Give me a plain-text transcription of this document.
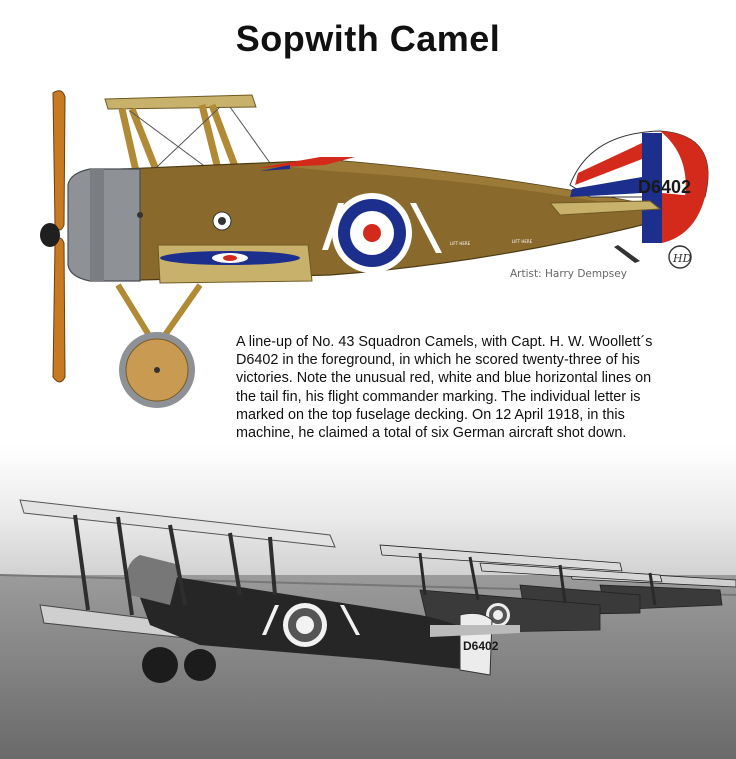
Sopwith Camel
LIFT HERE	LIFT HERE
D6402
HD
Artist: Harry Dempsey
A line-up of No. 43 Squadron Camels, with Capt. H. W. Woollett´s
D6402 in the foreground, in which he scored twenty-three of his
victories. Note the unusual red, white and blue horizontal lines on
the tail fin, his flight commander marking. The individual letter is
marked on the top fuselage decking. On 12 April 1918, in this
machine, he claimed a total of six German aircraft shot down.
D6402
